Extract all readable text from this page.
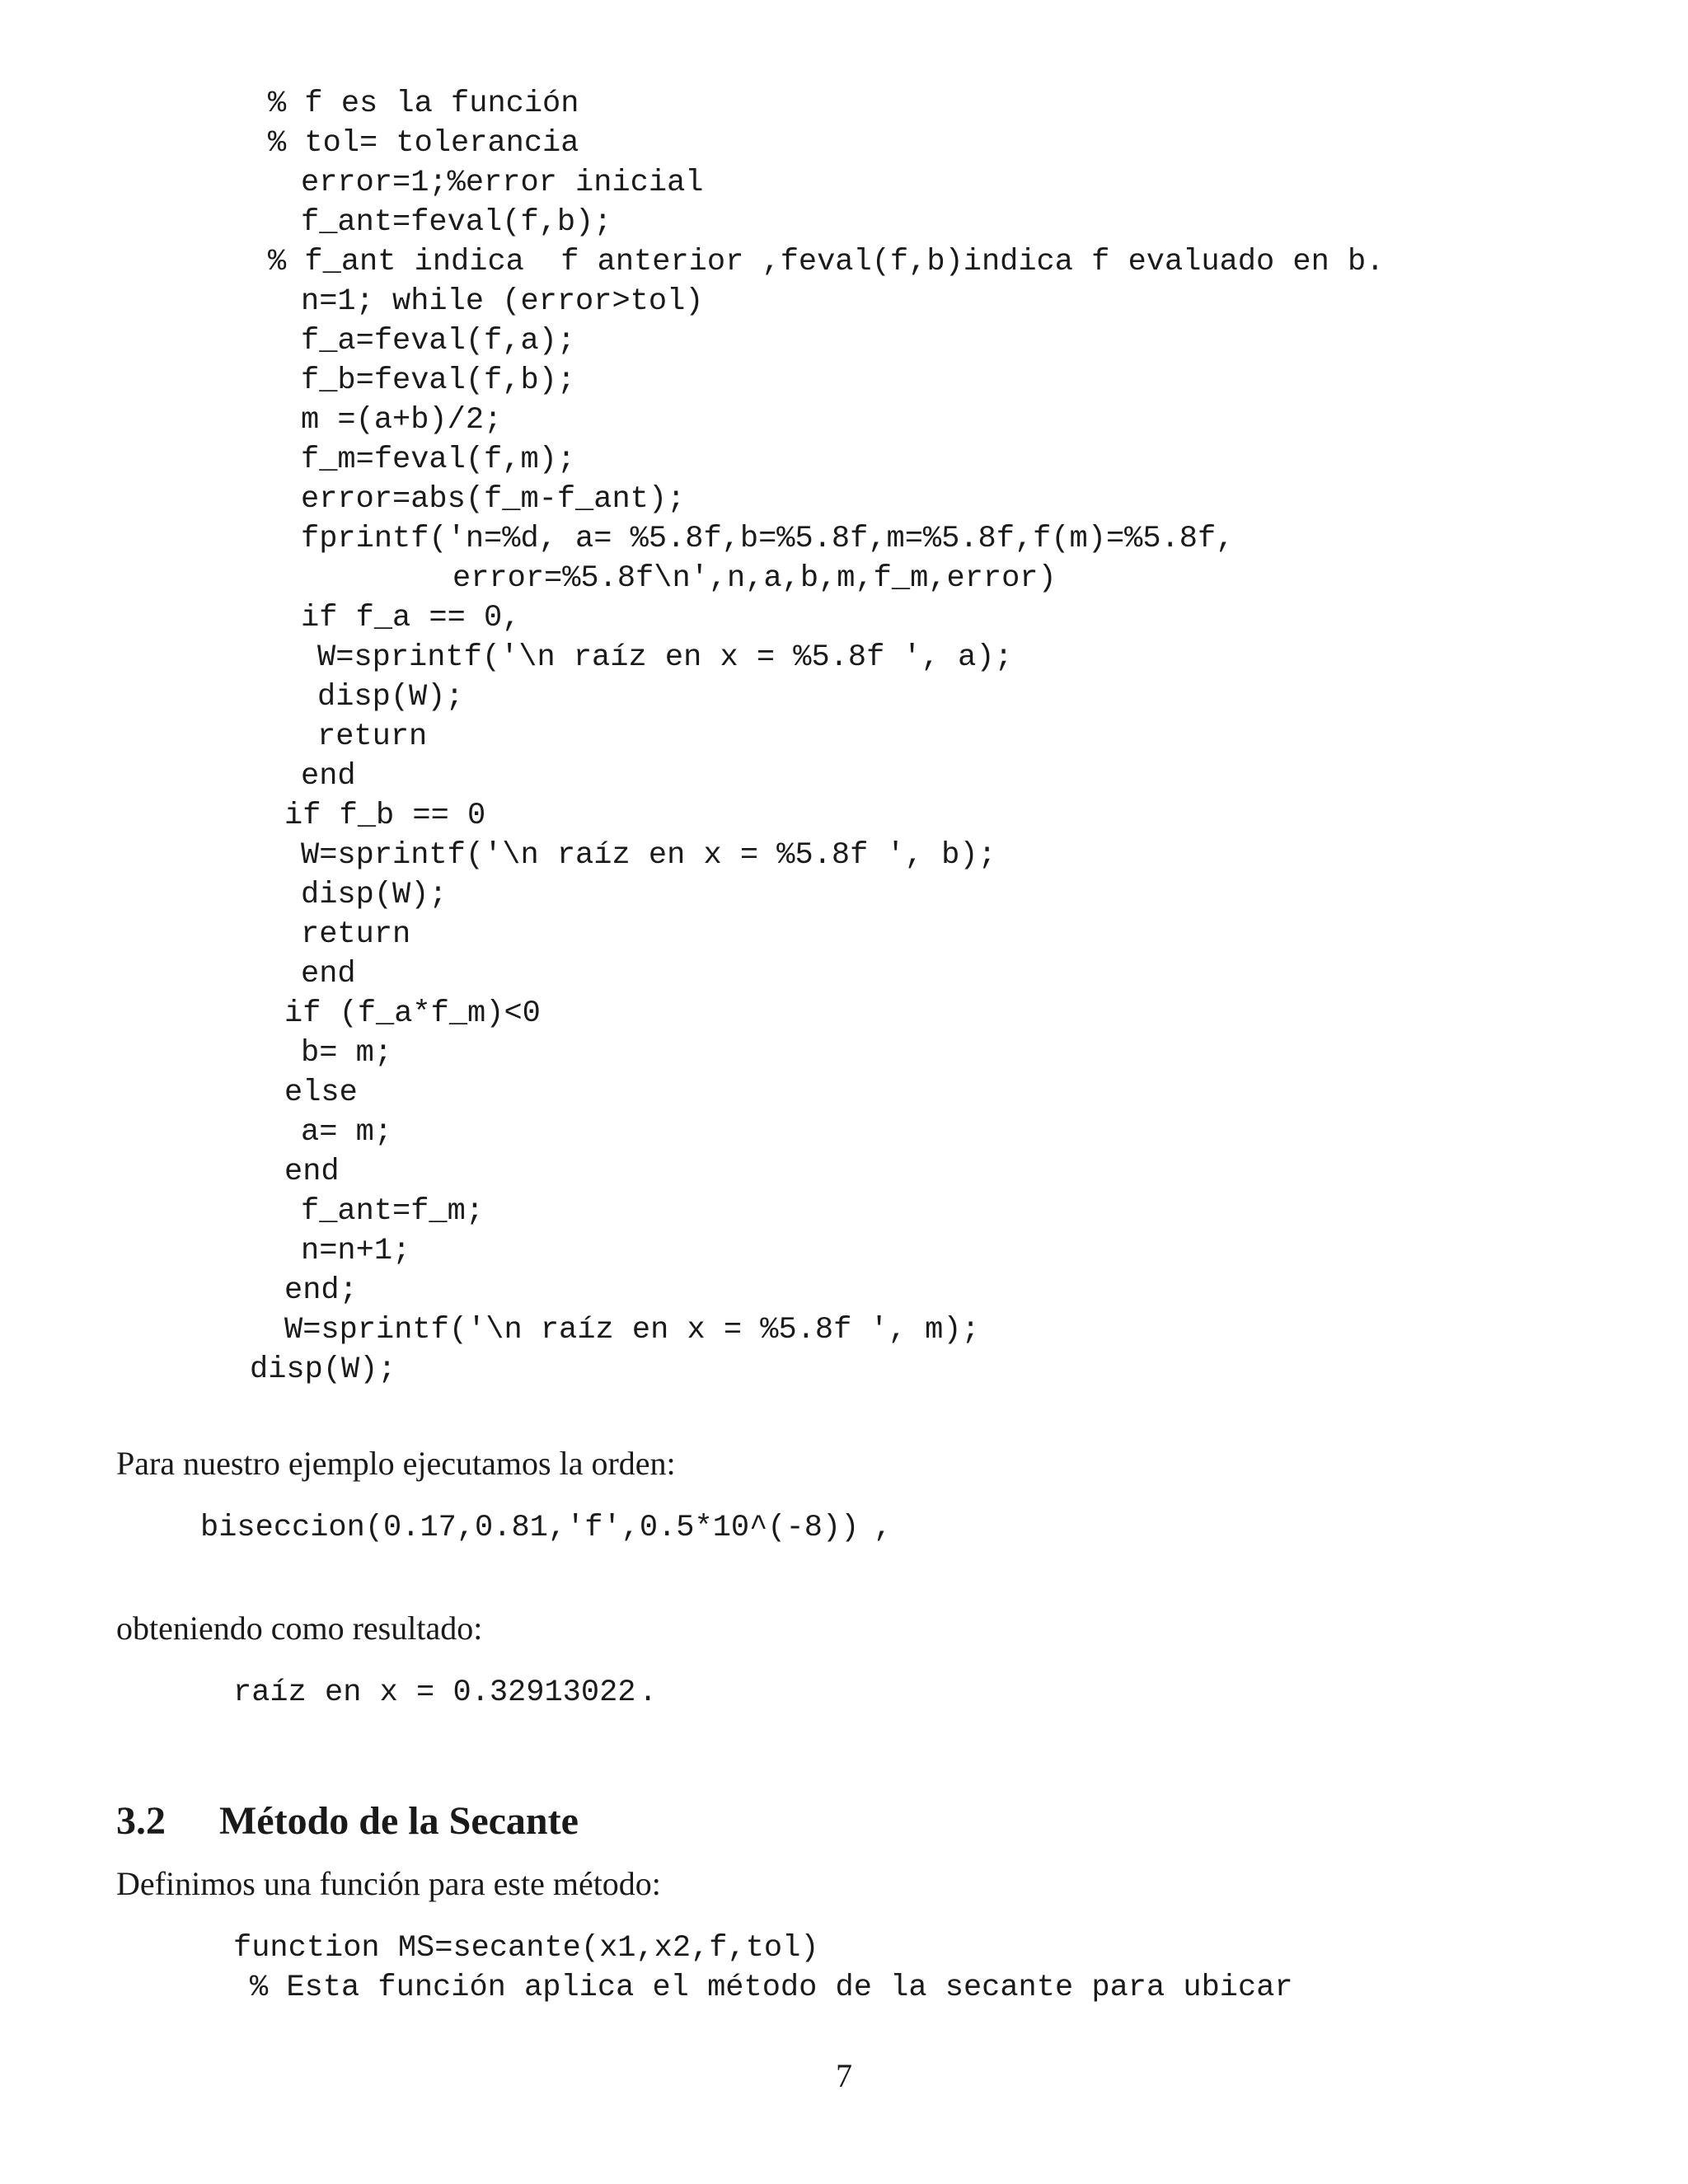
% f es la función
% tol= tolerancia
error=1;%error inicial
f_ant=feval(f,b);
% f_ant indica  f anterior ,feval(f,b)indica f evaluado en b.
n=1; while (error>tol)
f_a=feval(f,a);
f_b=feval(f,b);
m =(a+b)/2;
f_m=feval(f,m);
error=abs(f_m-f_ant);
fprintf('n=%d, a= %5.8f,b=%5.8f,m=%5.8f,f(m)=%5.8f,
error=%5.8f\n',n,a,b,m,f_m,error)
if f_a == 0,
W=sprintf('\n raíz en x = %5.8f ', a);
disp(W);
return
end
if f_b == 0
W=sprintf('\n raíz en x = %5.8f ', b);
disp(W);
return
end
if (f_a*f_m)<0
b= m;
else
a= m;
end
f_ant=f_m;
n=n+1;
end;
W=sprintf('\n raíz en x = %5.8f ', m);
disp(W);
Para nuestro ejemplo ejecutamos la orden:
biseccion(0.17,0.81,'f',0.5*10^(-8)) ,
obteniendo como resultado:
raíz en x = 0.32913022 .
3.2 Método de la Secante
Definimos una función para este método:
function MS=secante(x1,x2,f,tol)
% Esta función aplica el método de la secante para ubicar
7
